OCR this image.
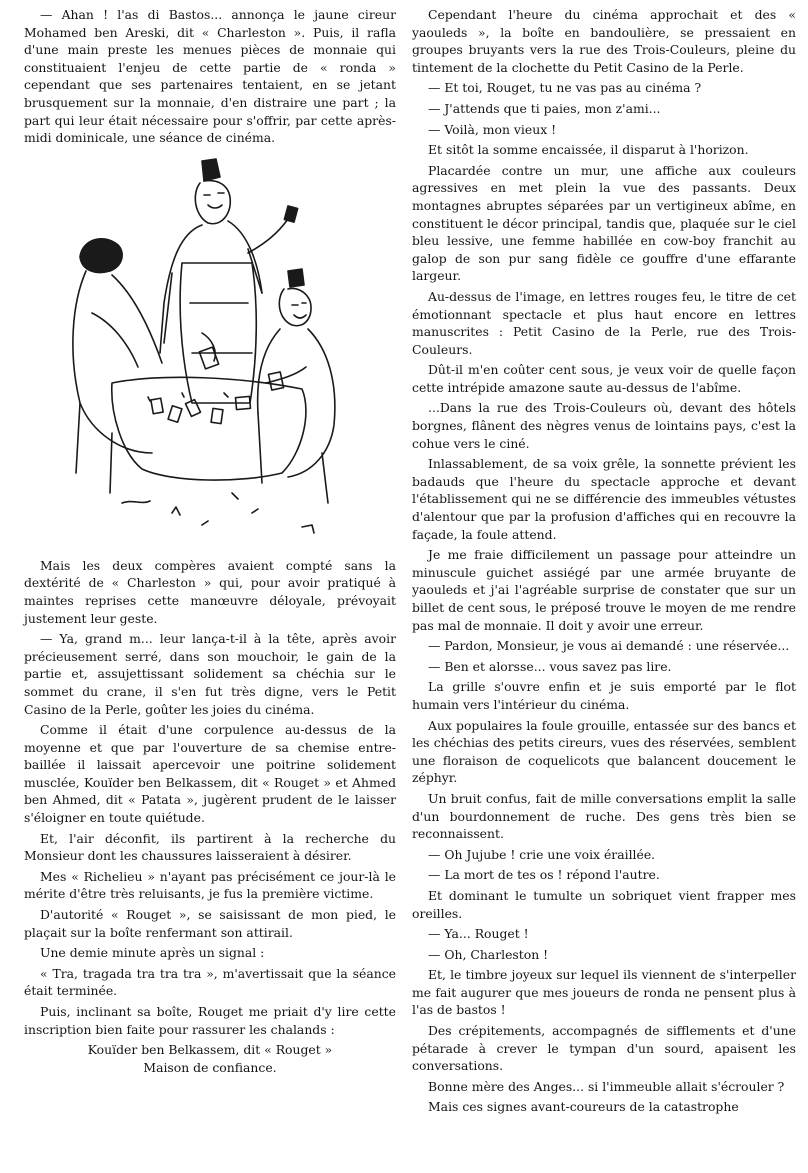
— Ahan ! l'as di Bastos... annonça le jaune cireur Mohamed ben Areski, dit « Charleston ». Puis, il rafla d'une main preste les menues pièces de monnaie qui constituaient l'enjeu de cette partie de « ronda » cependant que ses partenaires tentaient, en se jetant brusquement sur la monnaie, d'en distraire une part ; la part qui leur était nécessaire pour s'offrir, par cette après-midi dominicale, une séance de cinéma.

Mais les deux compères avaient compté sans la dextérité de « Charleston » qui, pour avoir pratiqué à maintes reprises cette manœuvre déloyale, prévoyait justement leur geste.

— Ya, grand m... leur lança-t-il à la tête, après avoir précieusement serré, dans son mouchoir, le gain de la partie et, assujettissant solidement sa chéchia sur le sommet du crane, il s'en fut très digne, vers le Petit Casino de la Perle, goûter les joies du cinéma.

Comme il était d'une corpulence au-dessus de la moyenne et que par l'ouverture de sa chemise entre-baillée il laissait apercevoir une poitrine solidement musclée, Kouïder ben Belkassem, dit « Rouget » et Ahmed ben Ahmed, dit « Patata », jugèrent prudent de le laisser s'éloigner en toute quiétude.

Et, l'air déconfit, ils partirent à la recherche du Monsieur dont les chaussures laisseraient à désirer.

Mes « Richelieu » n'ayant pas précisément ce jour-là le mérite d'être très reluisants, je fus la première victime.

D'autorité « Rouget », se saisissant de mon pied, le plaçait sur la boîte renfermant son attirail.

Une demie minute après un signal :

« Tra, tragada tra tra tra », m'avertissait que la séance était terminée.

Puis, inclinant sa boîte, Rouget me priait d'y lire cette inscription bien faite pour rassurer les chalands :

Kouïder ben Belkassem, dit « Rouget »

Maison de confiance.

Cependant l'heure du cinéma approchait et des « yaouleds », la boîte en bandoulière, se pressaient en groupes bruyants vers la rue des Trois-Couleurs, pleine du tintement de la clochette du Petit Casino de la Perle.

— Et toi, Rouget, tu ne vas pas au cinéma ?

— J'attends que ti paies, mon z'ami...

— Voilà, mon vieux !

Et sitôt la somme encaissée, il disparut à l'horizon.

Placardée contre un mur, une affiche aux couleurs agressives en met plein la vue des passants. Deux montagnes abruptes séparées par un vertigineux abîme, en constituent le décor principal, tandis que, plaquée sur le ciel bleu lessive, une femme habillée en cow-boy franchit au galop de son pur sang fidèle ce gouffre d'une effarante largeur.

Au-dessus de l'image, en lettres rouges feu, le titre de cet émotionnant spectacle et plus haut encore en lettres manuscrites : Petit Casino de la Perle, rue des Trois-Couleurs.

Dût-il m'en coûter cent sous, je veux voir de quelle façon cette intrépide amazone saute au-dessus de l'abîme.

...Dans la rue des Trois-Couleurs où, devant des hôtels borgnes, flânent des nègres venus de lointains pays, c'est la cohue vers le ciné.

Inlassablement, de sa voix grêle, la sonnette prévient les badauds que l'heure du spectacle approche et devant l'établissement qui ne se différencie des immeubles vétustes d'alentour que par la profusion d'affiches qui en recouvre la façade, la foule attend.

Je me fraie difficilement un passage pour atteindre un minuscule guichet assiégé par une armée bruyante de yaouleds et j'ai l'agréable surprise de constater que sur un billet de cent sous, le préposé trouve le moyen de me rendre pas mal de monnaie. Il doit y avoir une erreur.

— Pardon, Monsieur, je vous ai demandé : une réservée...

— Ben et alorsse... vous savez pas lire.

La grille s'ouvre enfin et je suis emporté par le flot humain vers l'intérieur du cinéma.

Aux populaires la foule grouille, entassée sur des bancs et les chéchias des petits cireurs, vues des réservées, semblent une floraison de coquelicots que balancent doucement le zéphyr.

Un bruit confus, fait de mille conversations emplit la salle d'un bourdonnement de ruche. Des gens très bien se reconnaissent.

— Oh Jujube ! crie une voix éraillée.

— La mort de tes os ! répond l'autre.

Et dominant le tumulte un sobriquet vient frapper mes oreilles.

— Ya... Rouget !

— Oh, Charleston !

Et, le timbre joyeux sur lequel ils viennent de s'interpeller me fait augurer que mes joueurs de ronda ne pensent plus à l'as de bastos !

Des crépitements, accompagnés de sifflements et d'une pétarade à crever le tympan d'un sourd, apaisent les conversations.

Bonne mère des Anges... si l'immeuble allait s'écrouler ?

Mais ces signes avant-coureurs de la catastrophe
